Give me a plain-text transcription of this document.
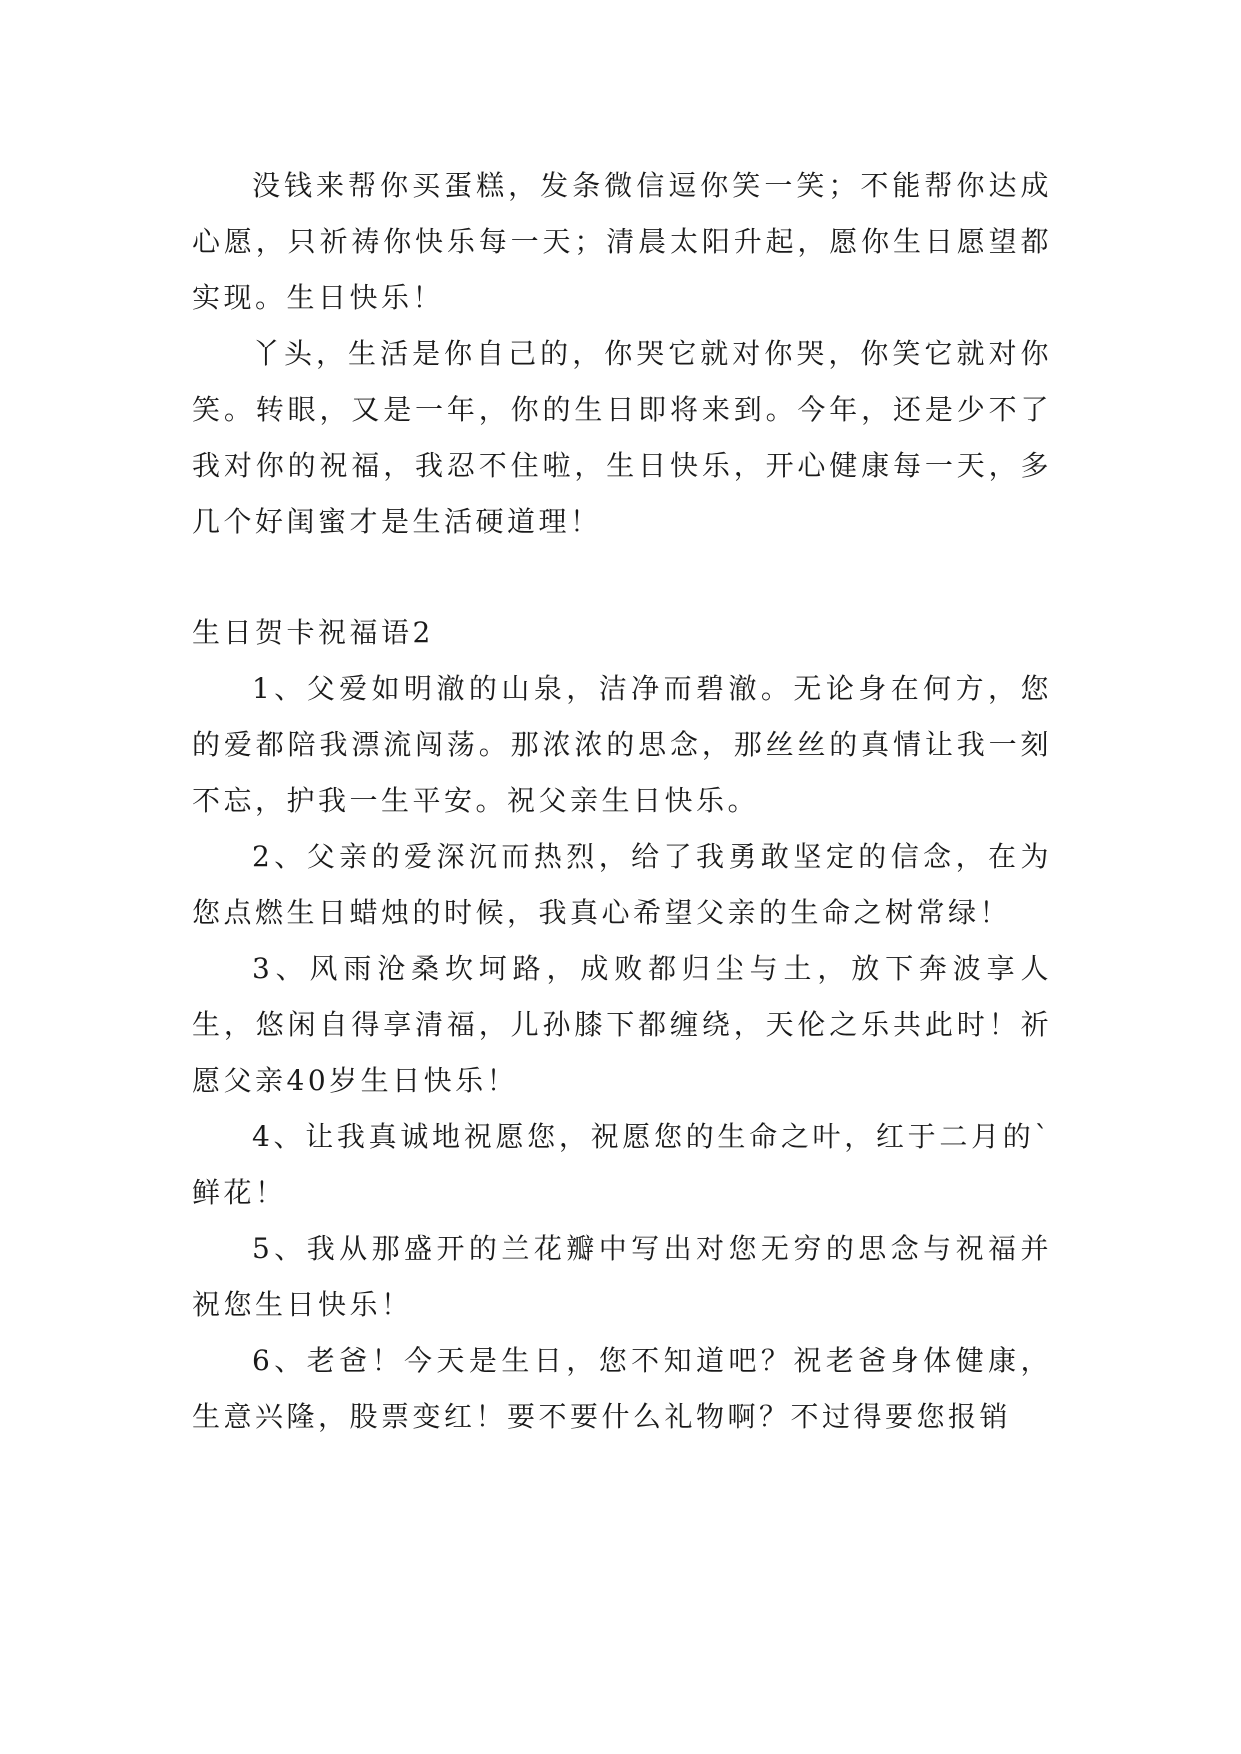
没钱来帮你买蛋糕，发条微信逗你笑一笑；不能帮你达成心愿，只祈祷你快乐每一天；清晨太阳升起，愿你生日愿望都实现。生日快乐！

丫头，生活是你自己的，你哭它就对你哭，你笑它就对你笑。转眼，又是一年，你的生日即将来到。今年，还是少不了我对你的祝福，我忍不住啦，生日快乐，开心健康每一天，多几个好闺蜜才是生活硬道理！

生日贺卡祝福语2

1、父爱如明澈的山泉，洁净而碧澈。无论身在何方，您的爱都陪我漂流闯荡。那浓浓的思念，那丝丝的真情让我一刻不忘，护我一生平安。祝父亲生日快乐。

2、父亲的爱深沉而热烈，给了我勇敢坚定的信念，在为您点燃生日蜡烛的时候，我真心希望父亲的生命之树常绿！

3、风雨沧桑坎坷路，成败都归尘与土，放下奔波享人生，悠闲自得享清福，儿孙膝下都缠绕，天伦之乐共此时！祈愿父亲40岁生日快乐！

4、让我真诚地祝愿您，祝愿您的生命之叶，红于二月的`鲜花！

5、我从那盛开的兰花瓣中写出对您无穷的思念与祝福并祝您生日快乐！

6、老爸！今天是生日，您不知道吧？祝老爸身体健康，生意兴隆，股票变红！要不要什么礼物啊？不过得要您报销
